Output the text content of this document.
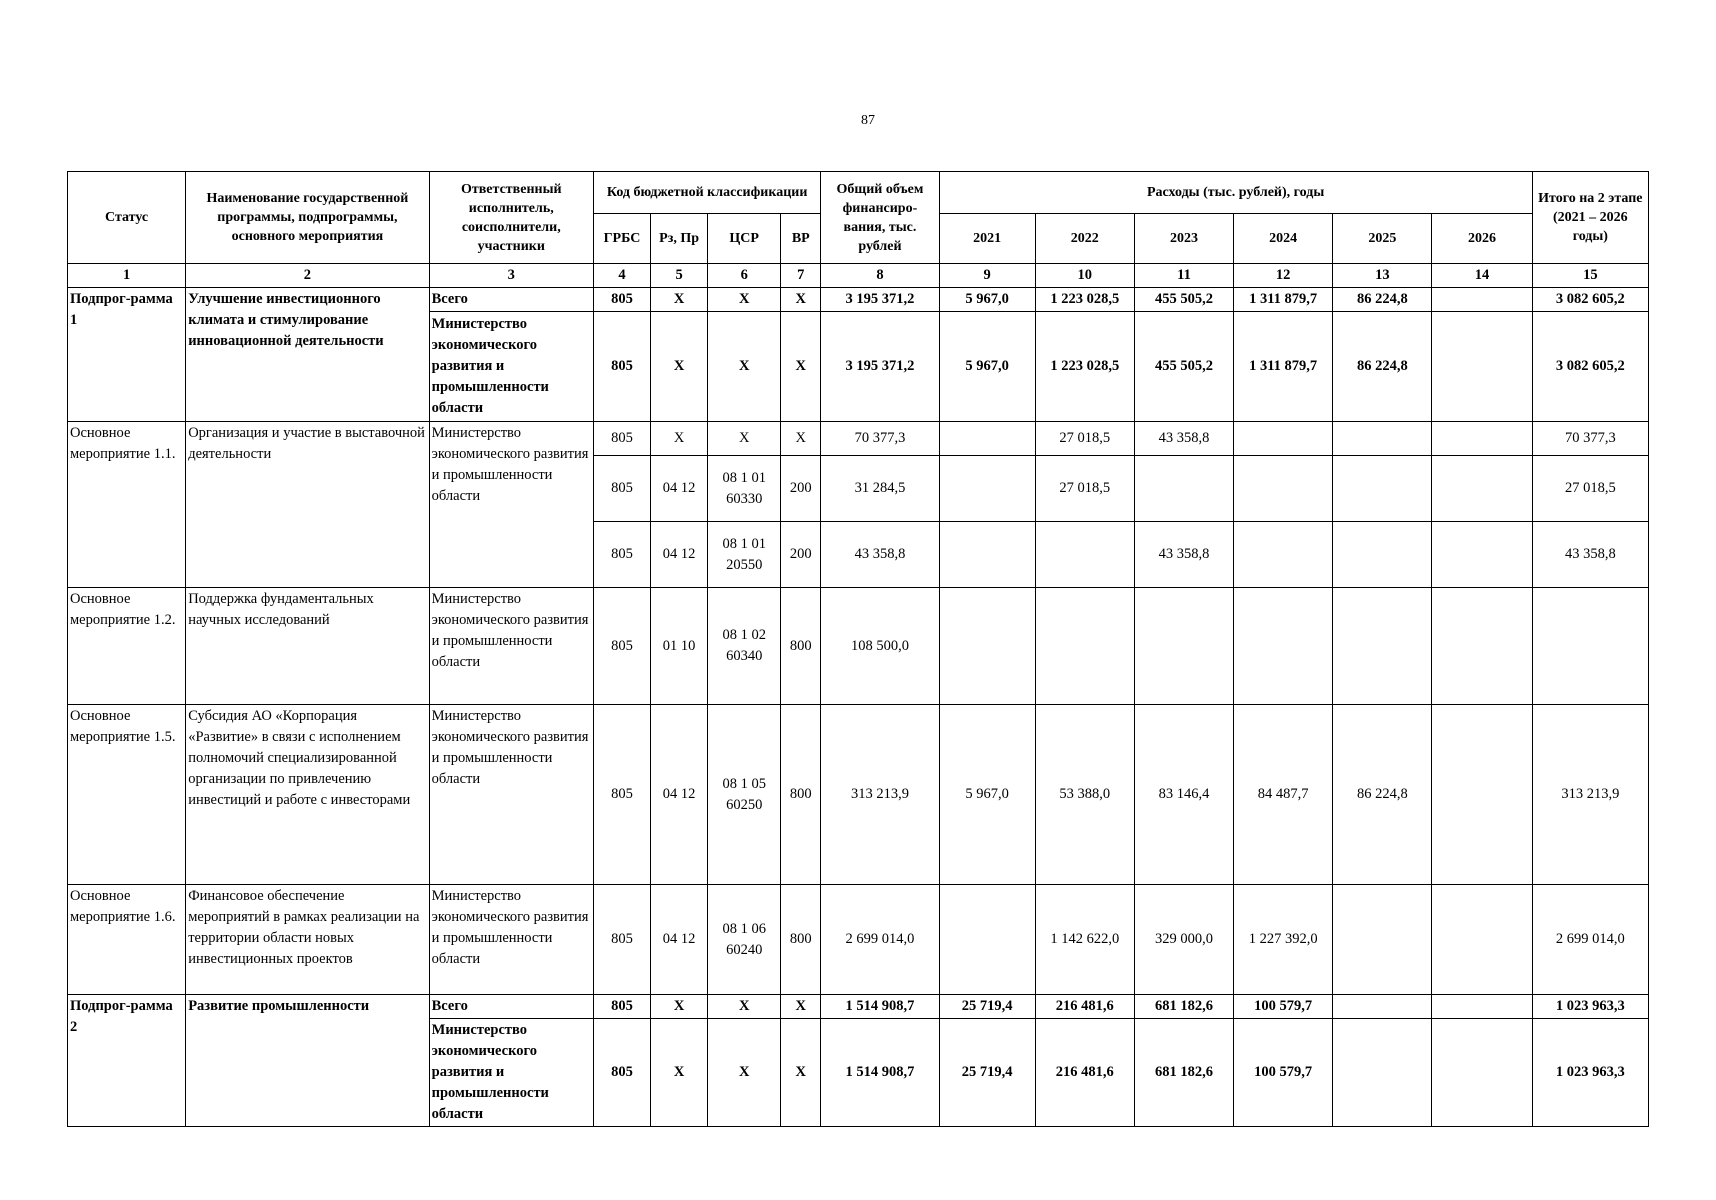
87
Статус	Наименование государственной программы, подпрограммы, основного мероприятия	Ответственный исполнитель, соисполнители, участники	Код бюджетной классификации				Общий объем финансиро-вания, тыс. рублей	Расходы (тыс. рублей), годы						Итого на 2 этапе (2021 – 2026 годы)
			ГРБС	Рз, Пр	ЦСР	ВР		2021	2022	2023	2024	2025	2026	
1	2	3	4	5	6	7	8	9	10	11	12	13	14	15
Подпрог-рамма 1	Улучшение инвестиционного климата и стимулирование инновационной деятельности	Всего	805	Х	Х	Х	3 195 371,2	5 967,0	1 223 028,5	455 505,2	1 311 879,7	86 224,8		3 082 605,2
		Министерство экономического развития и промышленности области	805	Х	Х	Х	3 195 371,2	5 967,0	1 223 028,5	455 505,2	1 311 879,7	86 224,8		3 082 605,2
Основное мероприятие 1.1.	Организация и участие в выставочной деятельности	Министерство экономического развития и промышленности области	805	Х	Х	Х	70 377,3		27 018,5	43 358,8				70 377,3
			805	04 12	08 1 01 60330	200	31 284,5		27 018,5					27 018,5
			805	04 12	08 1 01 20550	200	43 358,8			43 358,8				43 358,8
Основное мероприятие 1.2.	Поддержка фундаментальных научных исследований	Министерство экономического развития и промышленности области	805	01 10	08 1 02 60340	800	108 500,0							
Основное мероприятие 1.5.	Субсидия АО «Корпорация «Развитие» в связи с исполнением полномочий специализированной организации по привлечению инвестиций и работе с инвесторами	Министерство экономического развития и промышленности области	805	04 12	08 1 05 60250	800	313 213,9	5 967,0	53 388,0	83 146,4	84 487,7	86 224,8		313 213,9
Основное мероприятие 1.6.	Финансовое обеспечение мероприятий в рамках реализации на территории области новых инвестиционных проектов	Министерство экономического развития и промышленности области	805	04 12	08 1 06 60240	800	2 699 014,0		1 142 622,0	329 000,0	1 227 392,0			2 699 014,0
Подпрог-рамма 2	Развитие промышленности	Всего	805	Х	Х	Х	1 514 908,7	25 719,4	216 481,6	681 182,6	100 579,7			1 023 963,3
		Министерство экономического развития и промышленности области	805	Х	Х	Х	1 514 908,7	25 719,4	216 481,6	681 182,6	100 579,7			1 023 963,3
